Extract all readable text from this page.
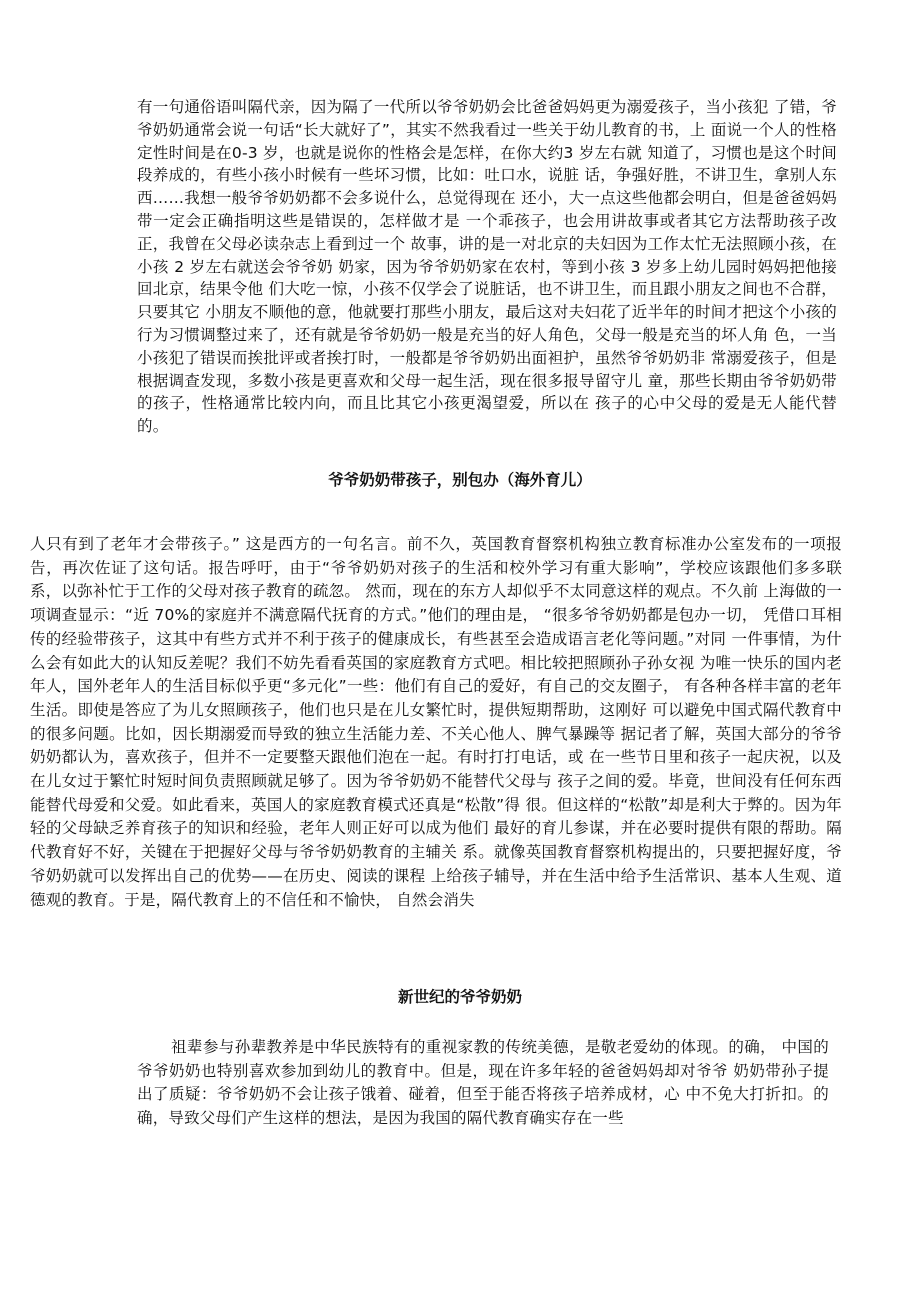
有一句通俗语叫隔代亲，因为隔了一代所以爷爷奶奶会比爸爸妈妈更为溺爱孩子，当小孩犯 了错，爷爷奶奶通常会说一句话“长大就好了”，其实不然我看过一些关于幼儿教育的书，上 面说一个人的性格定性时间是在0-3 岁，也就是说你的性格会是怎样，在你大约3 岁左右就 知道了，习惯也是这个时间段养成的，有些小孩小时候有一些坏习惯，比如：吐口水，说脏 话，争强好胜，不讲卫生，拿别人东西……我想一般爷爷奶奶都不会多说什么，总觉得现在 还小，大一点这些他都会明白，但是爸爸妈妈带一定会正确指明这些是错误的，怎样做才是 一个乖孩子，也会用讲故事或者其它方法帮助孩子改正，我曾在父母必读杂志上看到过一个 故事，讲的是一对北京的夫妇因为工作太忙无法照顾小孩，在小孩 2 岁左右就送会爷爷奶 奶家，因为爷爷奶奶家在农村，等到小孩 3 岁多上幼儿园时妈妈把他接回北京，结果令他 们大吃一惊，小孩不仅学会了说脏话，也不讲卫生，而且跟小朋友之间也不合群，只要其它 小朋友不顺他的意，他就要打那些小朋友，最后这对夫妇花了近半年的时间才把这个小孩的 行为习惯调整过来了，还有就是爷爷奶奶一般是充当的好人角色，父母一般是充当的坏人角 色，一当小孩犯了错误而挨批评或者挨打时，一般都是爷爷奶奶出面袒护，虽然爷爷奶奶非 常溺爱孩子，但是根据调查发现，多数小孩是更喜欢和父母一起生活，现在很多报导留守儿 童，那些长期由爷爷奶奶带的孩子，性格通常比较内向，而且比其它小孩更渴望爱，所以在 孩子的心中父母的爱是无人能代替的。

爷爷奶奶带孩子，别包办（海外育儿）

人只有到了老年才会带孩子。” 这是西方的一句名言。前不久，英国教育督察机构独立教育标准办公室发布的一项报告，再次佐证了这句话。报告呼吁，由于“爷爷奶奶对孩子的生活和校外学习有重大影响”，学校应该跟他们多多联系，以弥补忙于工作的父母对孩子教育的疏忽。 然而，现在的东方人却似乎不太同意这样的观点。不久前 上海做的一项调查显示：“近 70%的家庭并不满意隔代抚育的方式。”他们的理由是， “很多爷爷奶奶都是包办一切， 凭借口耳相传的经验带孩子，这其中有些方式并不利于孩子的健康成长，有些甚至会造成语言老化等问题。”对同 一件事情，为什么会有如此大的认知反差呢？我们不妨先看看英国的家庭教育方式吧。相比较把照顾孙子孙女视 为唯一快乐的国内老年人，国外老年人的生活目标似乎更“多元化”一些：他们有自己的爱好，有自己的交友圈子， 有各种各样丰富的老年生活。即使是答应了为儿女照顾孩子，他们也只是在儿女繁忙时，提供短期帮助，这刚好 可以避免中国式隔代教育中的很多问题。比如，因长期溺爱而导致的独立生活能力差、不关心他人、脾气暴躁等 据记者了解，英国大部分的爷爷奶奶都认为，喜欢孩子，但并不一定要整天跟他们泡在一起。有时打打电话，或 在一些节日里和孩子一起庆祝，以及在儿女过于繁忙时短时间负责照顾就足够了。因为爷爷奶奶不能替代父母与 孩子之间的爱。毕竟，世间没有任何东西能替代母爱和父爱。如此看来，英国人的家庭教育模式还真是“松散”得 很。但这样的“松散”却是利大于弊的。因为年轻的父母缺乏养育孩子的知识和经验，老年人则正好可以成为他们 最好的育儿参谋，并在必要时提供有限的帮助。隔代教育好不好，关键在于把握好父母与爷爷奶奶教育的主辅关 系。就像英国教育督察机构提出的，只要把握好度，爷爷奶奶就可以发挥出自己的优势——在历史、阅读的课程 上给孩子辅导，并在生活中给予生活常识、基本人生观、道德观的教育。于是，隔代教育上的不信任和不愉快， 自然会消失

新世纪的爷爷奶奶

祖辈参与孙辈教养是中华民族特有的重视家教的传统美德，是敬老爱幼的体现。的确， 中国的爷爷奶奶也特别喜欢参加到幼儿的教育中。但是，现在许多年轻的爸爸妈妈却对爷爷 奶奶带孙子提出了质疑：爷爷奶奶不会让孩子饿着、碰着，但至于能否将孩子培养成材，心 中不免大打折扣。的确，导致父母们产生这样的想法，是因为我国的隔代教育确实存在一些
